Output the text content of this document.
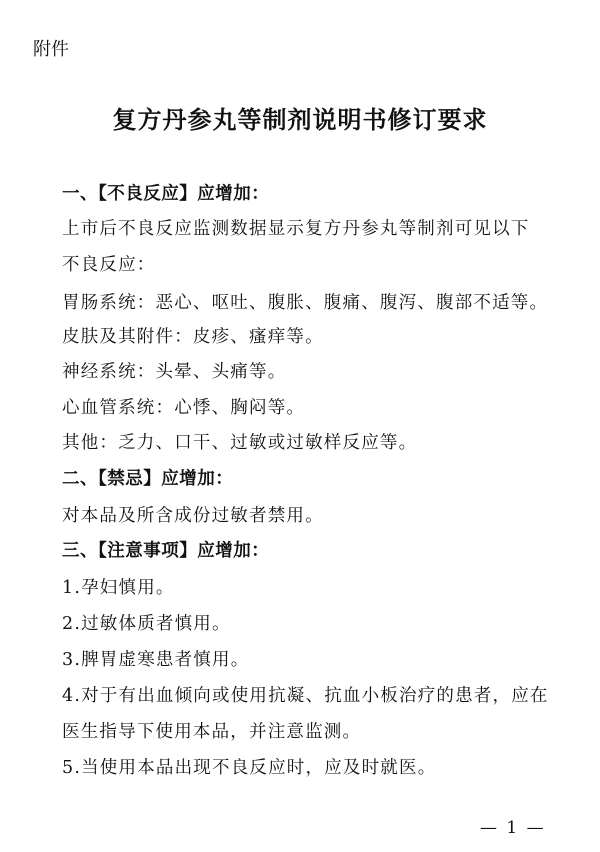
附件
复方丹参丸等制剂说明书修订要求
一、【不良反应】应增加：
上市后不良反应监测数据显示复方丹参丸等制剂可见以下
不良反应：
胃肠系统：恶心、呕吐、腹胀、腹痛、腹泻、腹部不适等。
皮肤及其附件：皮疹、瘙痒等。
神经系统：头晕、头痛等。
心血管系统：心悸、胸闷等。
其他：乏力、口干、过敏或过敏样反应等。
二、【禁忌】应增加：
对本品及所含成份过敏者禁用。
三、【注意事项】应增加：
1.孕妇慎用。
2.过敏体质者慎用。
3.脾胃虚寒患者慎用。
4.对于有出血倾向或使用抗凝、抗血小板治疗的患者，应在
医生指导下使用本品，并注意监测。
5.当使用本品出现不良反应时，应及时就医。
— 1 —
